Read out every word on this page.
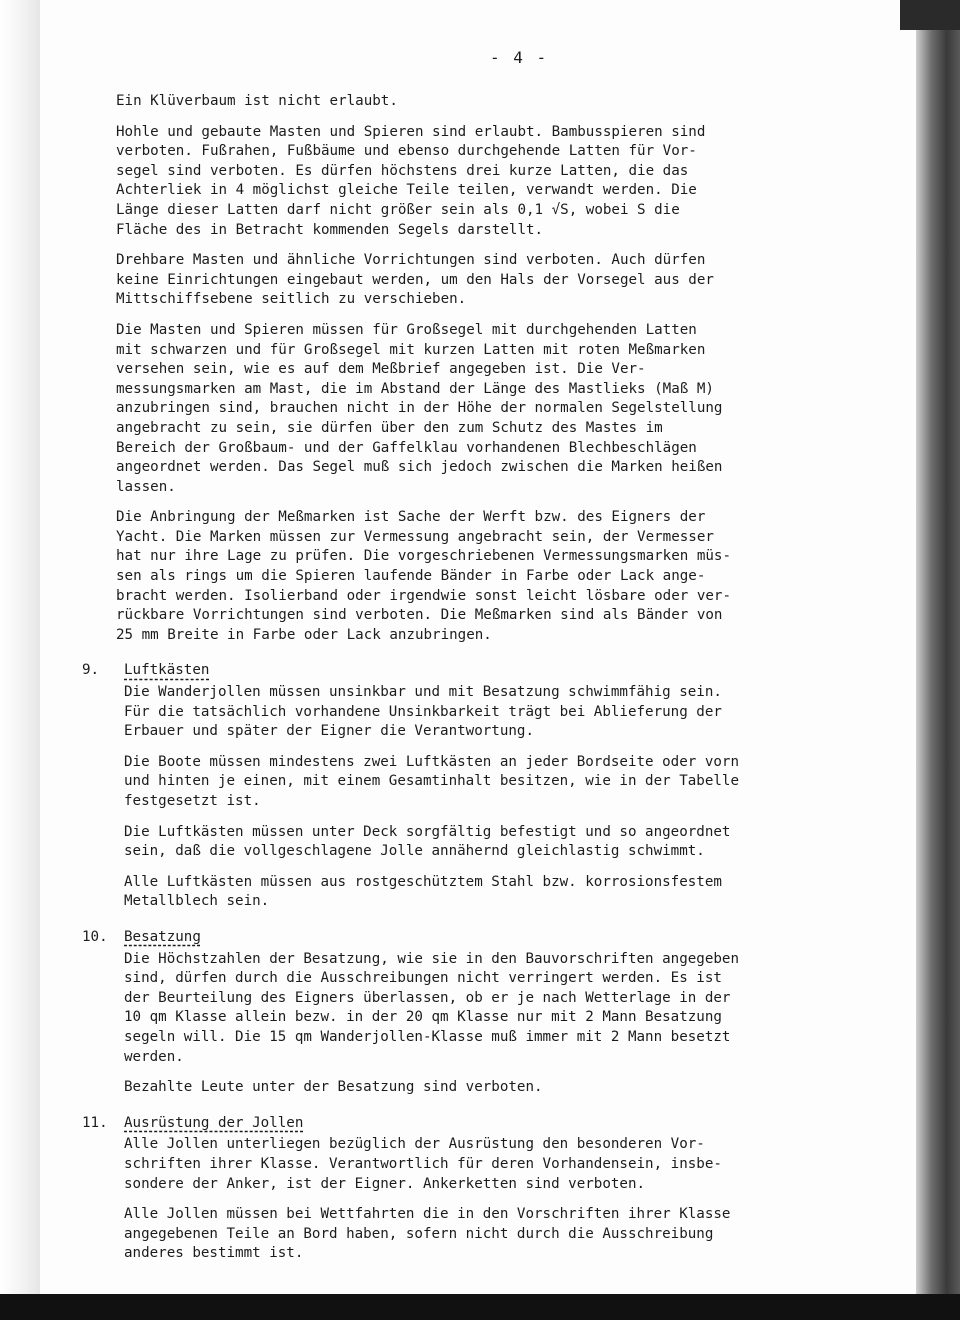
- 4 -

Ein Klüverbaum ist nicht erlaubt.

Hohle und gebaute Masten und Spieren sind erlaubt. Bambusspieren sind
verboten. Fußrahen, Fußbäume und ebenso durchgehende Latten für Vor-
segel sind verboten. Es dürfen höchstens drei kurze Latten, die das
Achterliek in 4 möglichst gleiche Teile teilen, verwandt werden. Die
Länge dieser Latten darf nicht größer sein als 0,1 √S, wobei S die
Fläche des in Betracht kommenden Segels darstellt.

Drehbare Masten und ähnliche Vorrichtungen sind verboten. Auch dürfen
keine Einrichtungen eingebaut werden, um den Hals der Vorsegel aus der
Mittschiffsebene seitlich zu verschieben.

Die Masten und Spieren müssen für Großsegel mit durchgehenden Latten
mit schwarzen und für Großsegel mit kurzen Latten mit roten Meßmarken
versehen sein, wie es auf dem Meßbrief angegeben ist. Die Ver-
messungsmarken am Mast, die im Abstand der Länge des Mastlieks (Maß M)
anzubringen sind, brauchen nicht in der Höhe der normalen Segelstellung
angebracht zu sein, sie dürfen über den zum Schutz des Mastes im
Bereich der Großbaum- und der Gaffelklau vorhandenen Blechbeschlägen
angeordnet werden. Das Segel muß sich jedoch zwischen die Marken heißen
lassen.

Die Anbringung der Meßmarken ist Sache der Werft bzw. des Eigners der
Yacht. Die Marken müssen zur Vermessung angebracht sein, der Vermesser
hat nur ihre Lage zu prüfen. Die vorgeschriebenen Vermessungsmarken müs-
sen als rings um die Spieren laufende Bänder in Farbe oder Lack ange-
bracht werden. Isolierband oder irgendwie sonst leicht lösbare oder ver-
rückbare Vorrichtungen sind verboten. Die Meßmarken sind als Bänder von
25 mm Breite in Farbe oder Lack anzubringen.

9. Luftkästen

Die Wanderjollen müssen unsinkbar und mit Besatzung schwimmfähig sein.
Für die tatsächlich vorhandene Unsinkbarkeit trägt bei Ablieferung der
Erbauer und später der Eigner die Verantwortung.

Die Boote müssen mindestens zwei Luftkästen an jeder Bordseite oder vorn
und hinten je einen, mit einem Gesamtinhalt besitzen, wie in der Tabelle
festgesetzt ist.

Die Luftkästen müssen unter Deck sorgfältig befestigt und so angeordnet
sein, daß die vollgeschlagene Jolle annähernd gleichlastig schwimmt.

Alle Luftkästen müssen aus rostgeschütztem Stahl bzw. korrosionsfestem
Metallblech sein.

10. Besatzung

Die Höchstzahlen der Besatzung, wie sie in den Bauvorschriften angegeben
sind, dürfen durch die Ausschreibungen nicht verringert werden. Es ist
der Beurteilung des Eigners überlassen, ob er je nach Wetterlage in der
10 qm Klasse allein bezw. in der 20 qm Klasse nur mit 2 Mann Besatzung
segeln will. Die 15 qm Wanderjollen-Klasse muß immer mit 2 Mann besetzt
werden.

Bezahlte Leute unter der Besatzung sind verboten.

11. Ausrüstung der Jollen

Alle Jollen unterliegen bezüglich der Ausrüstung den besonderen Vor-
schriften ihrer Klasse. Verantwortlich für deren Vorhandensein, insbe-
sondere der Anker, ist der Eigner. Ankerketten sind verboten.

Alle Jollen müssen bei Wettfahrten die in den Vorschriften ihrer Klasse
angegebenen Teile an Bord haben, sofern nicht durch die Ausschreibung
anderes bestimmt ist.
